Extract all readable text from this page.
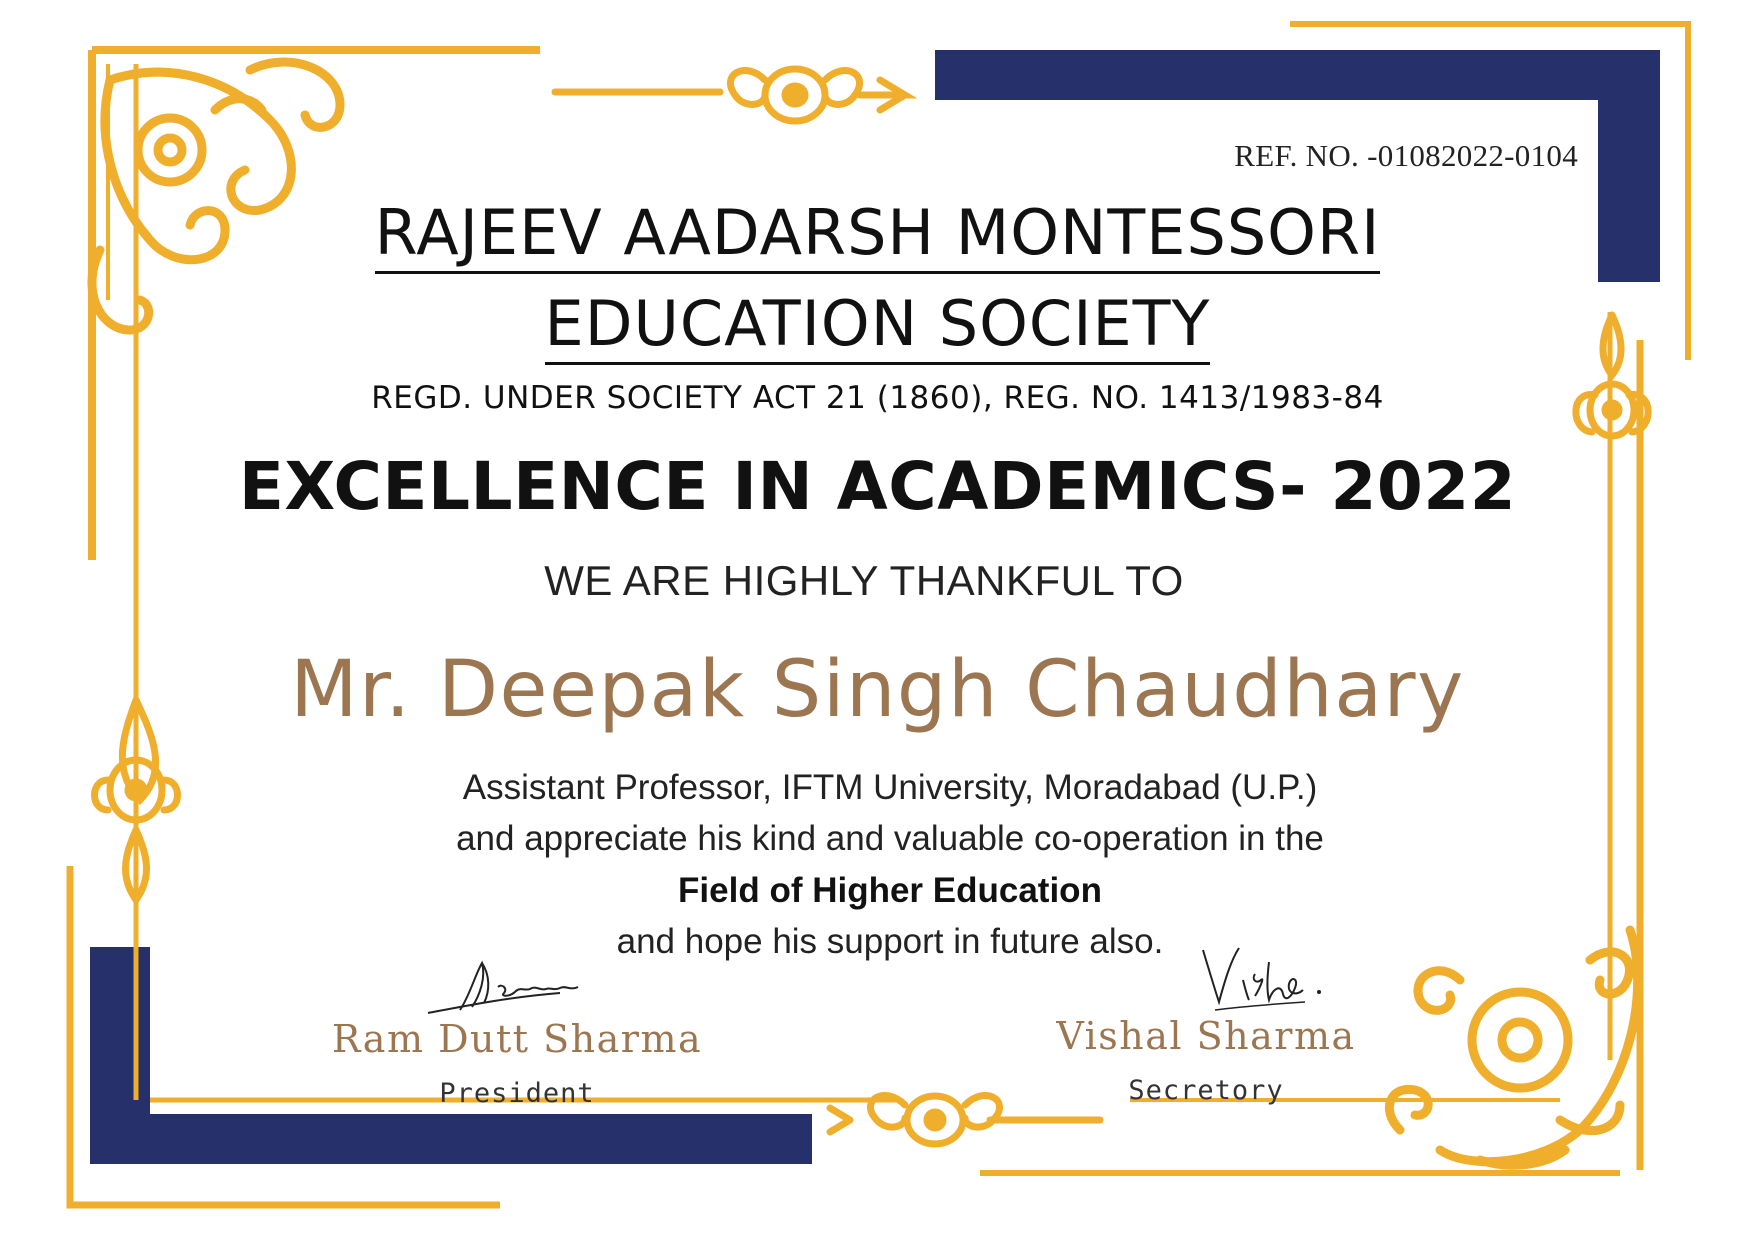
REF. NO. -01082022-0104
RAJEEV AADARSH MONTESSORI
EDUCATION SOCIETY
REGD. UNDER SOCIETY ACT 21 (1860), REG. NO. 1413/1983-84
EXCELLENCE IN ACADEMICS- 2022
WE ARE HIGHLY THANKFUL TO
Mr. Deepak Singh Chaudhary
Assistant Professor, IFTM University, Moradabad (U.P.)
and appreciate his kind and valuable co-operation in the
Field of Higher Education
and hope his support in future also.
Ram Dutt Sharma
President
Vishal Sharma
Secretory
